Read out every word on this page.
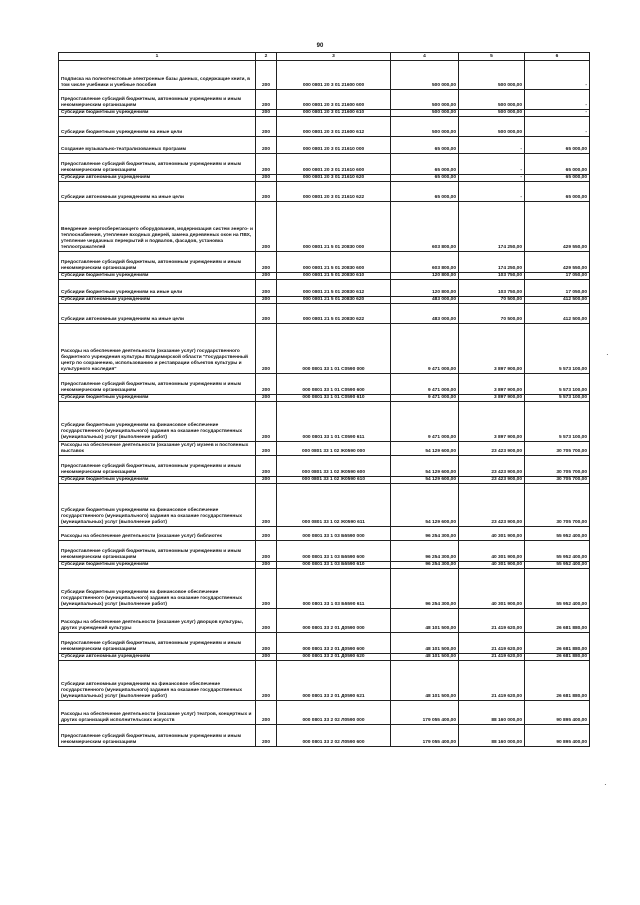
90
1	2	3	4	5	6
Подписка на полнотекстовые электронные базы данных, содержащие книги, в том числе учебники и учебные пособия	200	000 0801 20 3 01 21600 000	500 000,00	500 000,00	-
Предоставление субсидий бюджетным, автономным учреждениям и иным некоммерческим организациям	200	000 0801 20 3 01 21600 600	500 000,00	500 000,00	-
Субсидии бюджетным учреждениям	200	000 0801 20 3 01 21600 610	500 000,00	500 000,00	-
Субсидии бюджетным учреждениям на иные цели	200	000 0801 20 3 01 21600 612	500 000,00	500 000,00	-
Создание музыкально-театрализованных программ	200	000 0801 20 3 01 21610 000	65 000,00	-	65 000,00
Предоставление субсидий бюджетным, автономным учреждениям и иным некоммерческим организациям	200	000 0801 20 3 01 21610 600	65 000,00	-	65 000,00
Субсидии автономным учреждениям	200	000 0801 20 3 01 21610 620	65 000,00	-	65 000,00
Субсидии автономным учреждениям на иные цели	200	000 0801 20 3 01 21610 622	65 000,00	-	65 000,00
Внедрение энергосберегающего оборудования, модернизация систем энерго- и теплоснабжения, утепление входных дверей, замена деревянных окон на ПВХ, утепление чердачных перекрытий и подвалов, фасадов, установка теплоотражателей	200	000 0801 21 5 01 20830 000	603 800,00	174 250,00	429 550,00
Предоставление субсидий бюджетным, автономным учреждениям и иным некоммерческим организациям	200	000 0801 21 5 01 20830 600	603 800,00	174 250,00	429 550,00
Субсидии бюджетным учреждениям	200	000 0801 21 5 01 20830 610	120 800,00	103 750,00	17 050,00
Субсидии бюджетным учреждениям на иные цели	200	000 0801 21 5 01 20830 612	120 800,00	103 750,00	17 050,00
Субсидии автономным учреждениям	200	000 0801 21 5 01 20830 620	483 000,00	70 500,00	412 500,00
Субсидии автономным учреждениям на иные цели	200	000 0801 21 5 01 20830 622	483 000,00	70 500,00	412 500,00
Расходы на обеспечение деятельности (оказание услуг) государственного бюджетного учреждения культуры Владимирской области "Государственный центр по сохранению, использованию и реставрации объектов культуры и культурного наследия"	200	000 0801 33 1 01 C0590 000	9 471 000,00	3 897 900,00	5 573 100,00
Предоставление субсидий бюджетным, автономным учреждениям и иным некоммерческим организациям	200	000 0801 33 1 01 C0590 600	9 471 000,00	3 897 900,00	5 573 100,00
Субсидии бюджетным учреждениям	200	000 0801 33 1 01 C0590 610	9 471 000,00	3 897 900,00	5 573 100,00
Субсидии бюджетным учреждениям на финансовое обеспечение государственного (муниципального) задания на оказание государственных (муниципальных) услуг (выполнение работ)	200	000 0801 33 1 01 C0590 611	9 471 000,00	3 897 900,00	5 573 100,00
Расходы на обеспечение деятельности (оказание услуг) музеев и постоянных выставок	200	000 0801 33 1 02 Ж0590 000	54 129 600,00	23 423 900,00	30 705 700,00
Предоставление субсидий бюджетным, автономным учреждениям и иным некоммерческим организациям	200	000 0801 33 1 02 Ж0590 600	54 129 600,00	23 423 900,00	30 705 700,00
Субсидии бюджетным учреждениям	200	000 0801 33 1 02 Ж0590 610	54 129 600,00	23 423 900,00	30 705 700,00
Субсидии бюджетным учреждениям на финансовое обеспечение государственного (муниципального) задания на оказание государственных (муниципальных) услуг (выполнение работ)	200	000 0801 33 1 02 Ж0590 611	54 129 600,00	23 423 900,00	30 705 700,00
Расходы на обеспечение деятельности (оказание услуг) библиотек	200	000 0801 33 1 03 Б5590 000	96 254 300,00	40 301 900,00	55 952 400,00
Предоставление субсидий бюджетным, автономным учреждениям и иным некоммерческим организациям	200	000 0801 33 1 03 Б5590 600	96 254 300,00	40 301 900,00	55 952 400,00
Субсидии бюджетным учреждениям	200	000 0801 33 1 03 Б5590 610	96 254 300,00	40 301 900,00	55 952 400,00
Субсидии бюджетным учреждениям на финансовое обеспечение государственного (муниципального) задания на оказание государственных (муниципальных) услуг (выполнение работ)	200	000 0801 33 1 03 Б5590 611	96 254 300,00	40 301 900,00	55 952 400,00
Расходы на обеспечение деятельности (оказание услуг) дворцов культуры, других учреждений культуры	200	000 0801 33 2 01 Д0590 000	48 101 500,00	21 419 620,00	26 681 880,00
Предоставление субсидий бюджетным, автономным учреждениям и иным некоммерческим организациям	200	000 0801 33 2 01 Д0590 600	48 101 500,00	21 419 620,00	26 681 880,00
Субсидии автономным учреждениям	200	000 0801 33 2 01 Д0590 620	48 101 500,00	21 419 620,00	26 681 880,00
Субсидии автономным учреждениям на финансовое обеспечение государственного (муниципального) задания на оказание государственных (муниципальных) услуг (выполнение работ)	200	000 0801 33 2 01 Д0590 621	48 101 500,00	21 419 620,00	26 681 880,00
Расходы на обеспечение деятельности (оказание услуг) театров, концертных и других организаций исполнительских искусств	200	000 0801 33 2 02 Л0590 000	179 055 400,00	88 160 000,00	90 895 400,00
Предоставление субсидий бюджетным, автономным учреждениям и иным некоммерческим организациям	200	000 0801 33 2 02 Л0590 600	179 055 400,00	88 160 000,00	90 895 400,00
·
·
